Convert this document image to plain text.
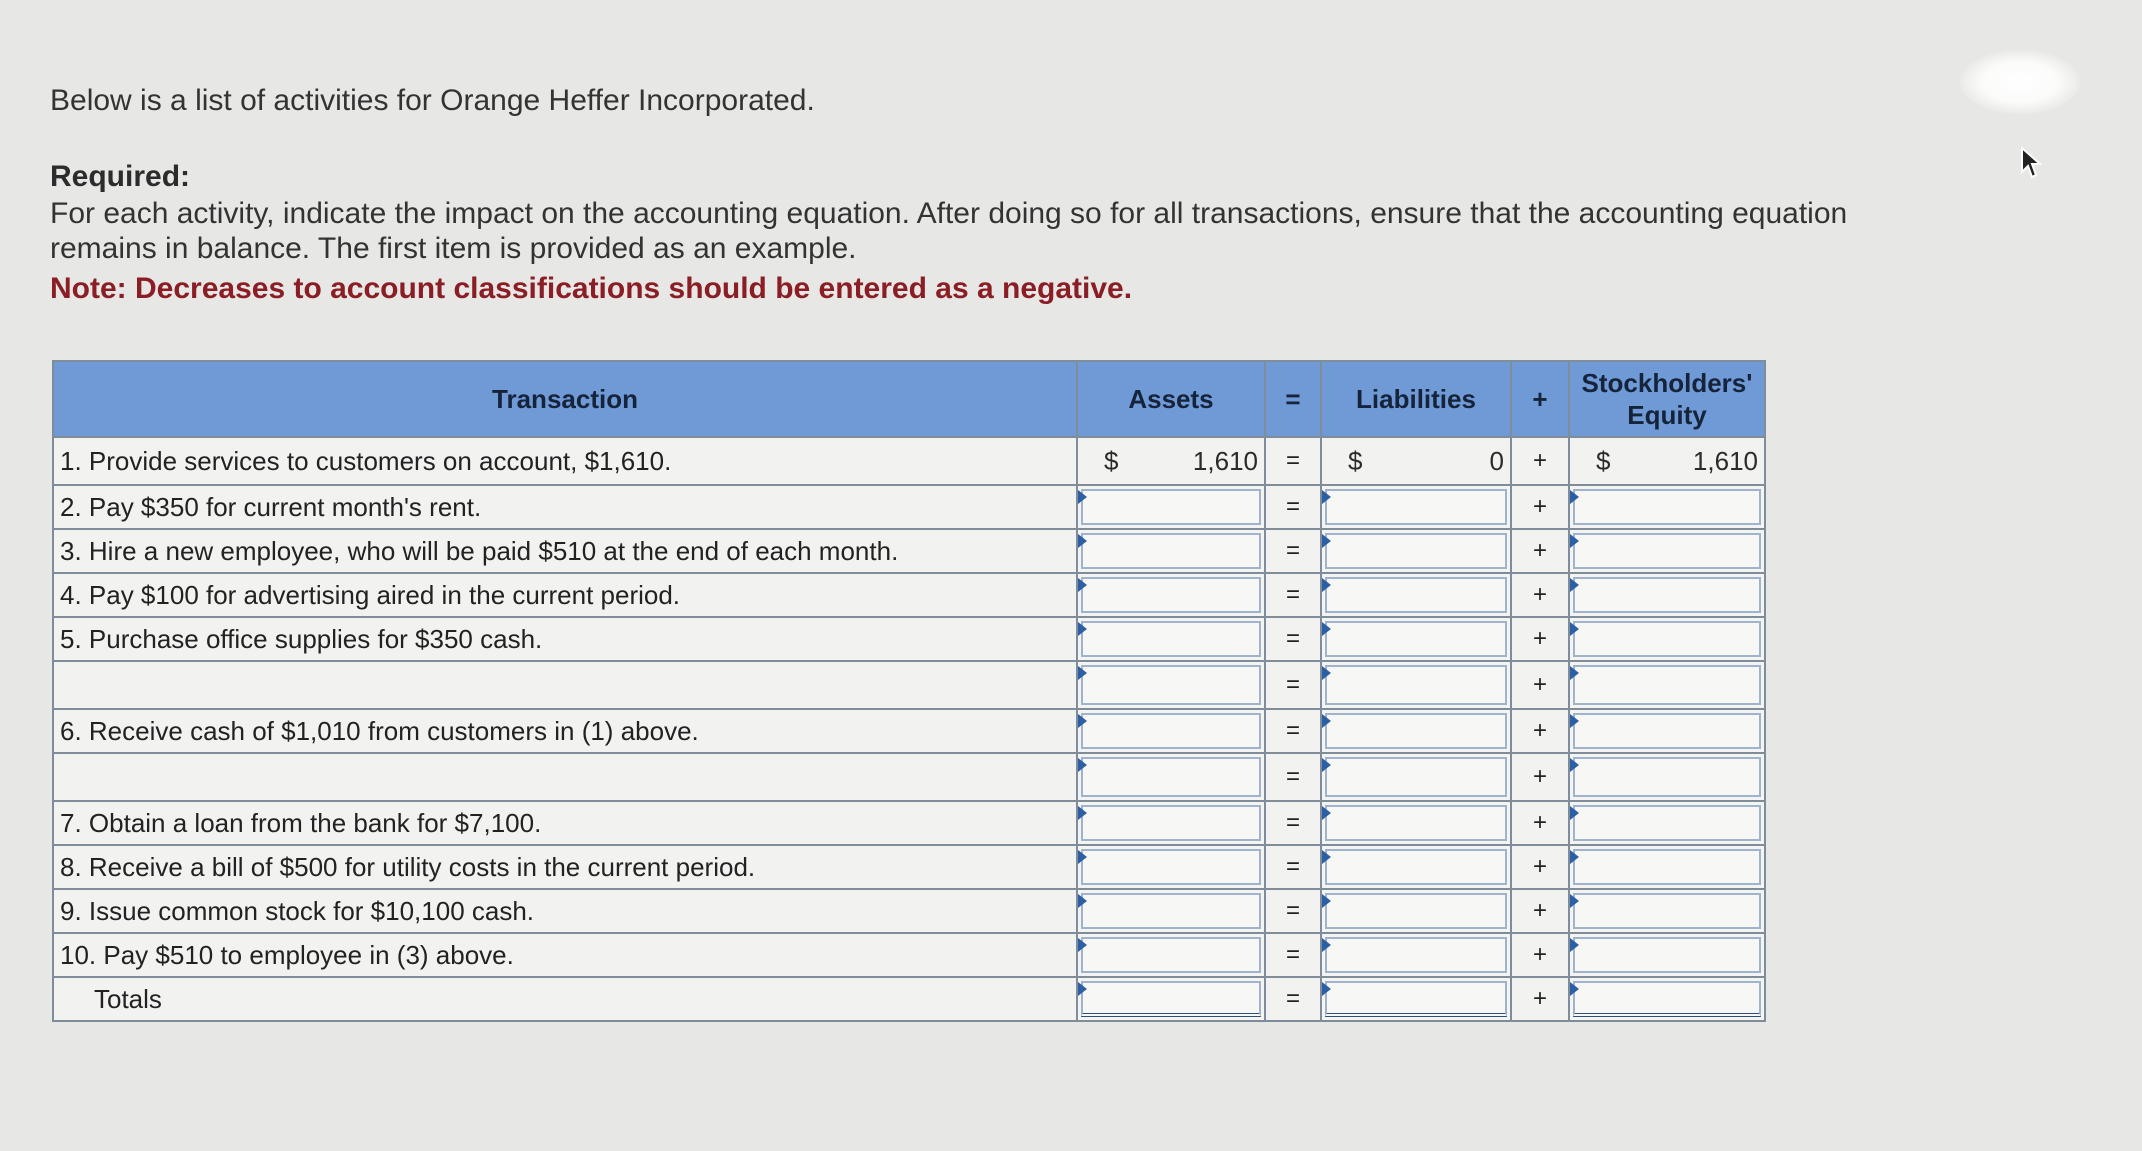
Below is a list of activities for Orange Heffer Incorporated.
Required:
For each activity, indicate the impact on the accounting equation. After doing so for all transactions, ensure that the accounting equation remains in balance. The first item is provided as an example.
Note: Decreases to account classifications should be entered as a negative.
Transaction	Assets	=	Liabilities	+	Stockholders'
Equity

1. Provide services to customers on account, $1,610.	$ 1,610	=	$ 0	+	$ 1,610

2. Pay $350 for current month's rent.		=		+	

3. Hire a new employee, who will be paid $510 at the end of each month.		=		+	

4. Pay $100 for advertising aired in the current period.		=		+	

5. Purchase office supplies for $350 cash.		=		+	

	=		+	

6. Receive cash of $1,010 from customers in (1) above.		=		+	

	=		+	

7. Obtain a loan from the bank for $7,100.		=		+	

8. Receive a bill of $500 for utility costs in the current period.		=		+	

9. Issue common stock for $10,100 cash.		=		+	

10. Pay $510 to employee in (3) above.		=		+	

Totals		=		+	
